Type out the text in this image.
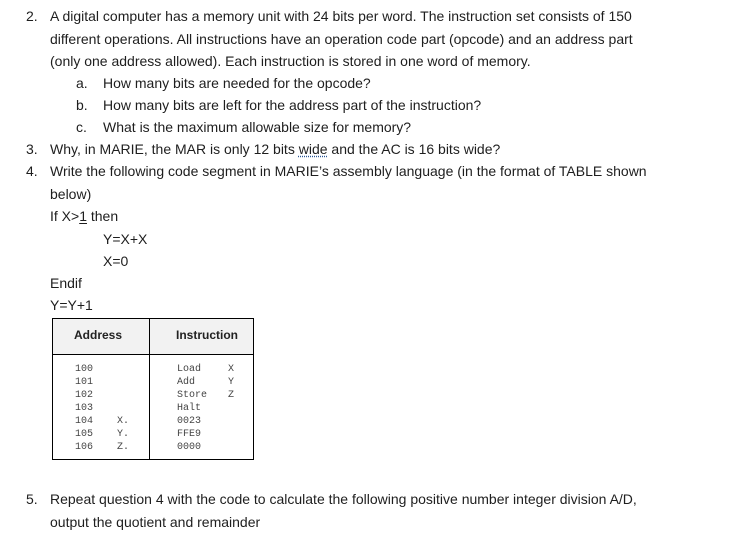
2. A digital computer has a memory unit with 24 bits per word. The instruction set consists of 150
different operations. All instructions have an operation code part (opcode) and an address part
(only one address allowed). Each instruction is stored in one word of memory.
a. How many bits are needed for the opcode?
b. How many bits are left for the address part of the instruction?
c. What is the maximum allowable size for memory?
3. Why, in MARIE, the MAR is only 12 bits wide and the AC is 16 bits wide?
4. Write the following code segment in MARIE’s assembly language (in the format of TABLE shown
below)
If X>1 then
Y=X+X
X=0
Endif
Y=Y+1
Address	Instruction
100
101
102
103
104
105
106
X.
Y.
Z.
Load
Add
Store
Halt
0023
FFE9
0000
X
Y
Z
5. Repeat question 4 with the code to calculate the following positive number integer division A/D,
output the quotient and remainder
